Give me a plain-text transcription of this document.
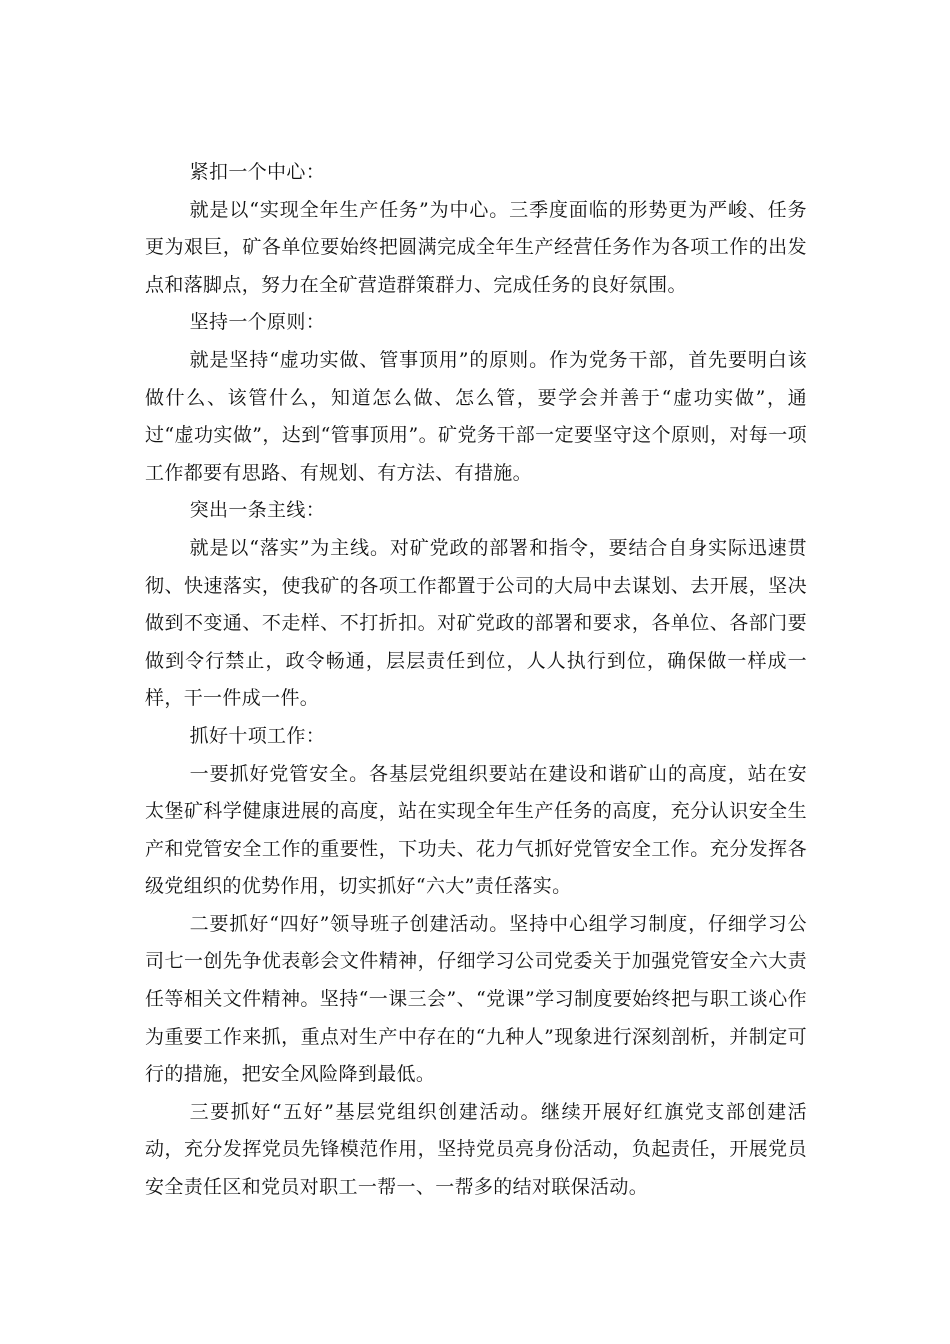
紧扣一个中心：

就是以“实现全年生产任务”为中心。三季度面临的形势更为严峻、任务更为艰巨，矿各单位要始终把圆满完成全年生产经营任务作为各项工作的出发点和落脚点，努力在全矿营造群策群力、完成任务的良好氛围。

坚持一个原则：

就是坚持“虚功实做、管事顶用”的原则。作为党务干部，首先要明白该做什么、该管什么，知道怎么做、怎么管，要学会并善于“虚功实做”，通过“虚功实做”，达到“管事顶用”。矿党务干部一定要坚守这个原则，对每一项工作都要有思路、有规划、有方法、有措施。

突出一条主线：

就是以“落实”为主线。对矿党政的部署和指令，要结合自身实际迅速贯彻、快速落实，使我矿的各项工作都置于公司的大局中去谋划、去开展，坚决做到不变通、不走样、不打折扣。对矿党政的部署和要求，各单位、各部门要做到令行禁止，政令畅通，层层责任到位，人人执行到位，确保做一样成一样，干一件成一件。

抓好十项工作：

一要抓好党管安全。各基层党组织要站在建设和谐矿山的高度，站在安太堡矿科学健康进展的高度，站在实现全年生产任务的高度，充分认识安全生产和党管安全工作的重要性，下功夫、花力气抓好党管安全工作。充分发挥各级党组织的优势作用，切实抓好“六大”责任落实。

二要抓好“四好”领导班子创建活动。坚持中心组学习制度，仔细学习公司七一创先争优表彰会文件精神，仔细学习公司党委关于加强党管安全六大责任等相关文件精神。坚持“一课三会”、“党课”学习制度要始终把与职工谈心作为重要工作来抓，重点对生产中存在的“九种人”现象进行深刻剖析，并制定可行的措施，把安全风险降到最低。

三要抓好“五好”基层党组织创建活动。继续开展好红旗党支部创建活动，充分发挥党员先锋模范作用，坚持党员亮身份活动，负起责任，开展党员安全责任区和党员对职工一帮一、一帮多的结对联保活动。
